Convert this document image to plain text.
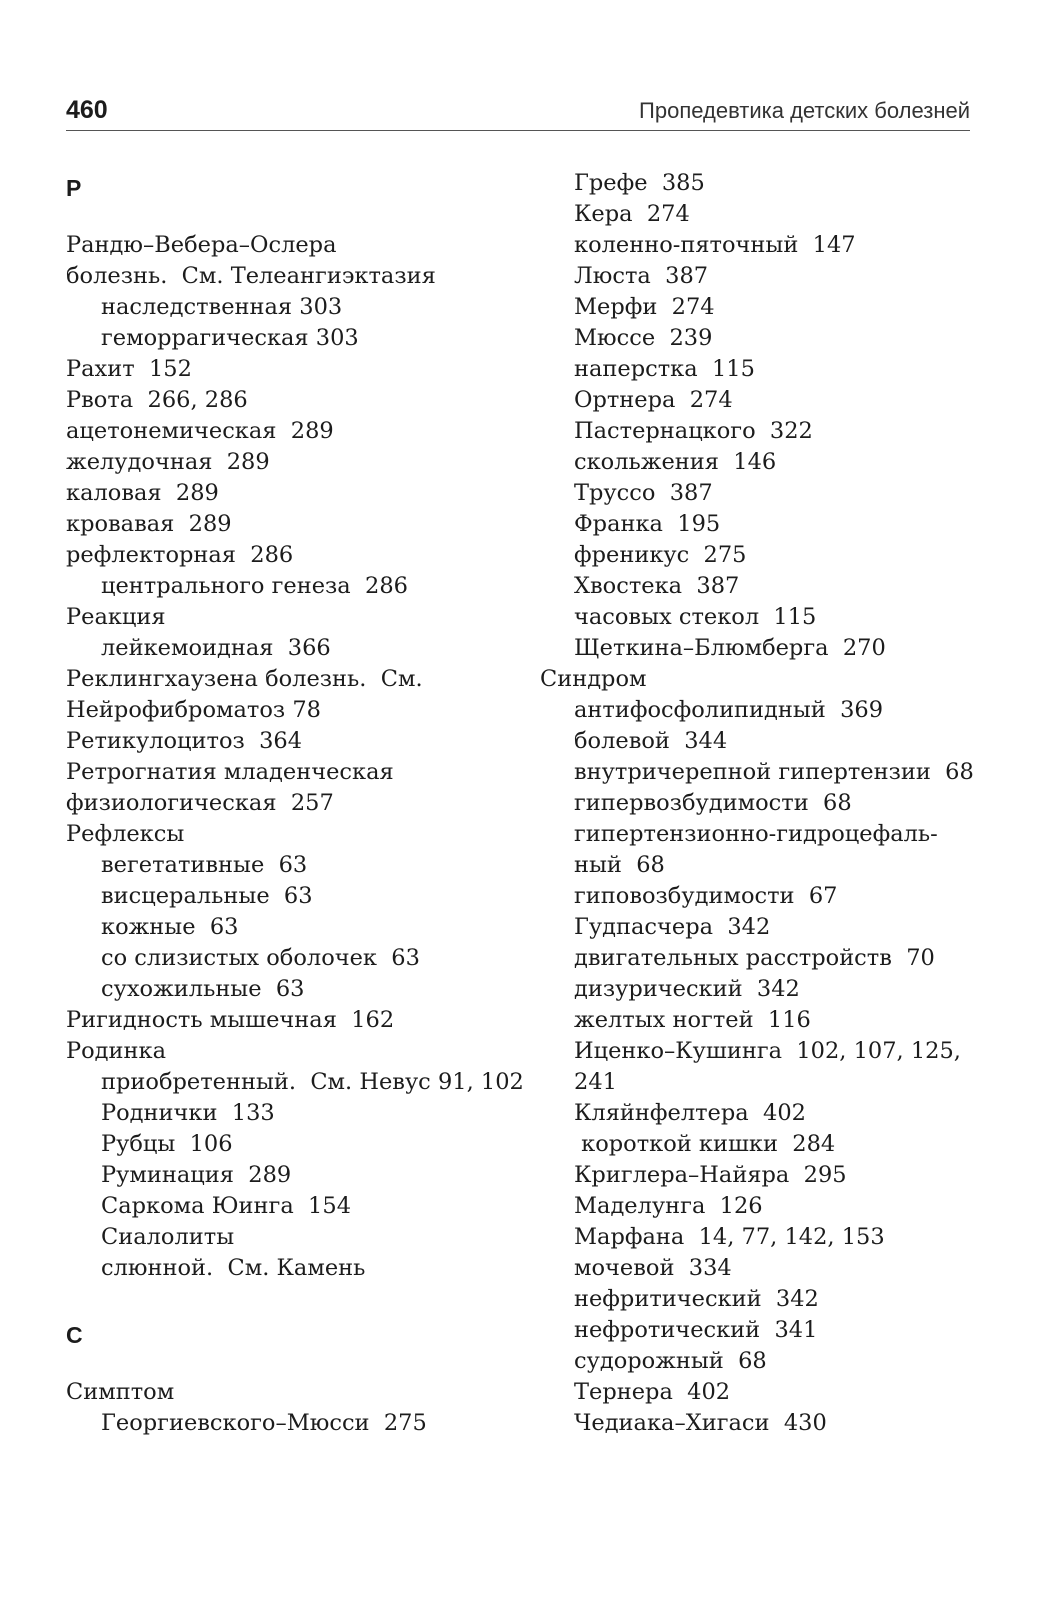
460	Пропедевтика детских болезней
Р
Рандю–Вебера–Ослера
болезнь.  См. Телеангиэктазия
наследственная 303
геморрагическая 303
Рахит  152
Рвота  266, 286
ацетонемическая  289
желудочная  289
каловая  289
кровавая  289
рефлекторная  286
центрального генеза  286
Реакция
лейкемоидная  366
Реклингхаузена болезнь.  См.
Нейрофиброматоз 78
Ретикулоцитоз  364
Ретрогнатия младенческая
физиологическая  257
Рефлексы
вегетативные  63
висцеральные  63
кожные  63
со слизистых оболочек  63
сухожильные  63
Ригидность мышечная  162
Родинка
приобретенный.  См. Невус 91, 102
Роднички  133
Рубцы  106
Руминация  289
Саркома Юинга  154
Сиалолиты
слюнной.  См. Камень
С
Симптом
Георгиевского–Мюсси  275
Грефе  385
Кера  274
коленно-пяточный  147
Люста  387
Мерфи  274
Мюссе  239
наперстка  115
Ортнера  274
Пастернацкого  322
скольжения  146
Труссо  387
Франка  195
френикус  275
Хвостека  387
часовых стекол  115
Щеткина–Блюмберга  270
Синдром
антифосфолипидный  369
болевой  344
внутричерепной гипертензии  68
гипервозбудимости  68
гипертензионно-гидроцефаль-
ный  68
гиповозбудимости  67
Гудпасчера  342
двигательных расстройств  70
дизурический  342
желтых ногтей  116
Иценко–Кушинга  102, 107, 125,
241
Кляйнфелтера  402
короткой кишки  284
Криглера–Найяра  295
Маделунга  126
Марфана  14, 77, 142, 153
мочевой  334
нефритический  342
нефротический  341
судорожный  68
Тернера  402
Чедиака–Хигаси  430
